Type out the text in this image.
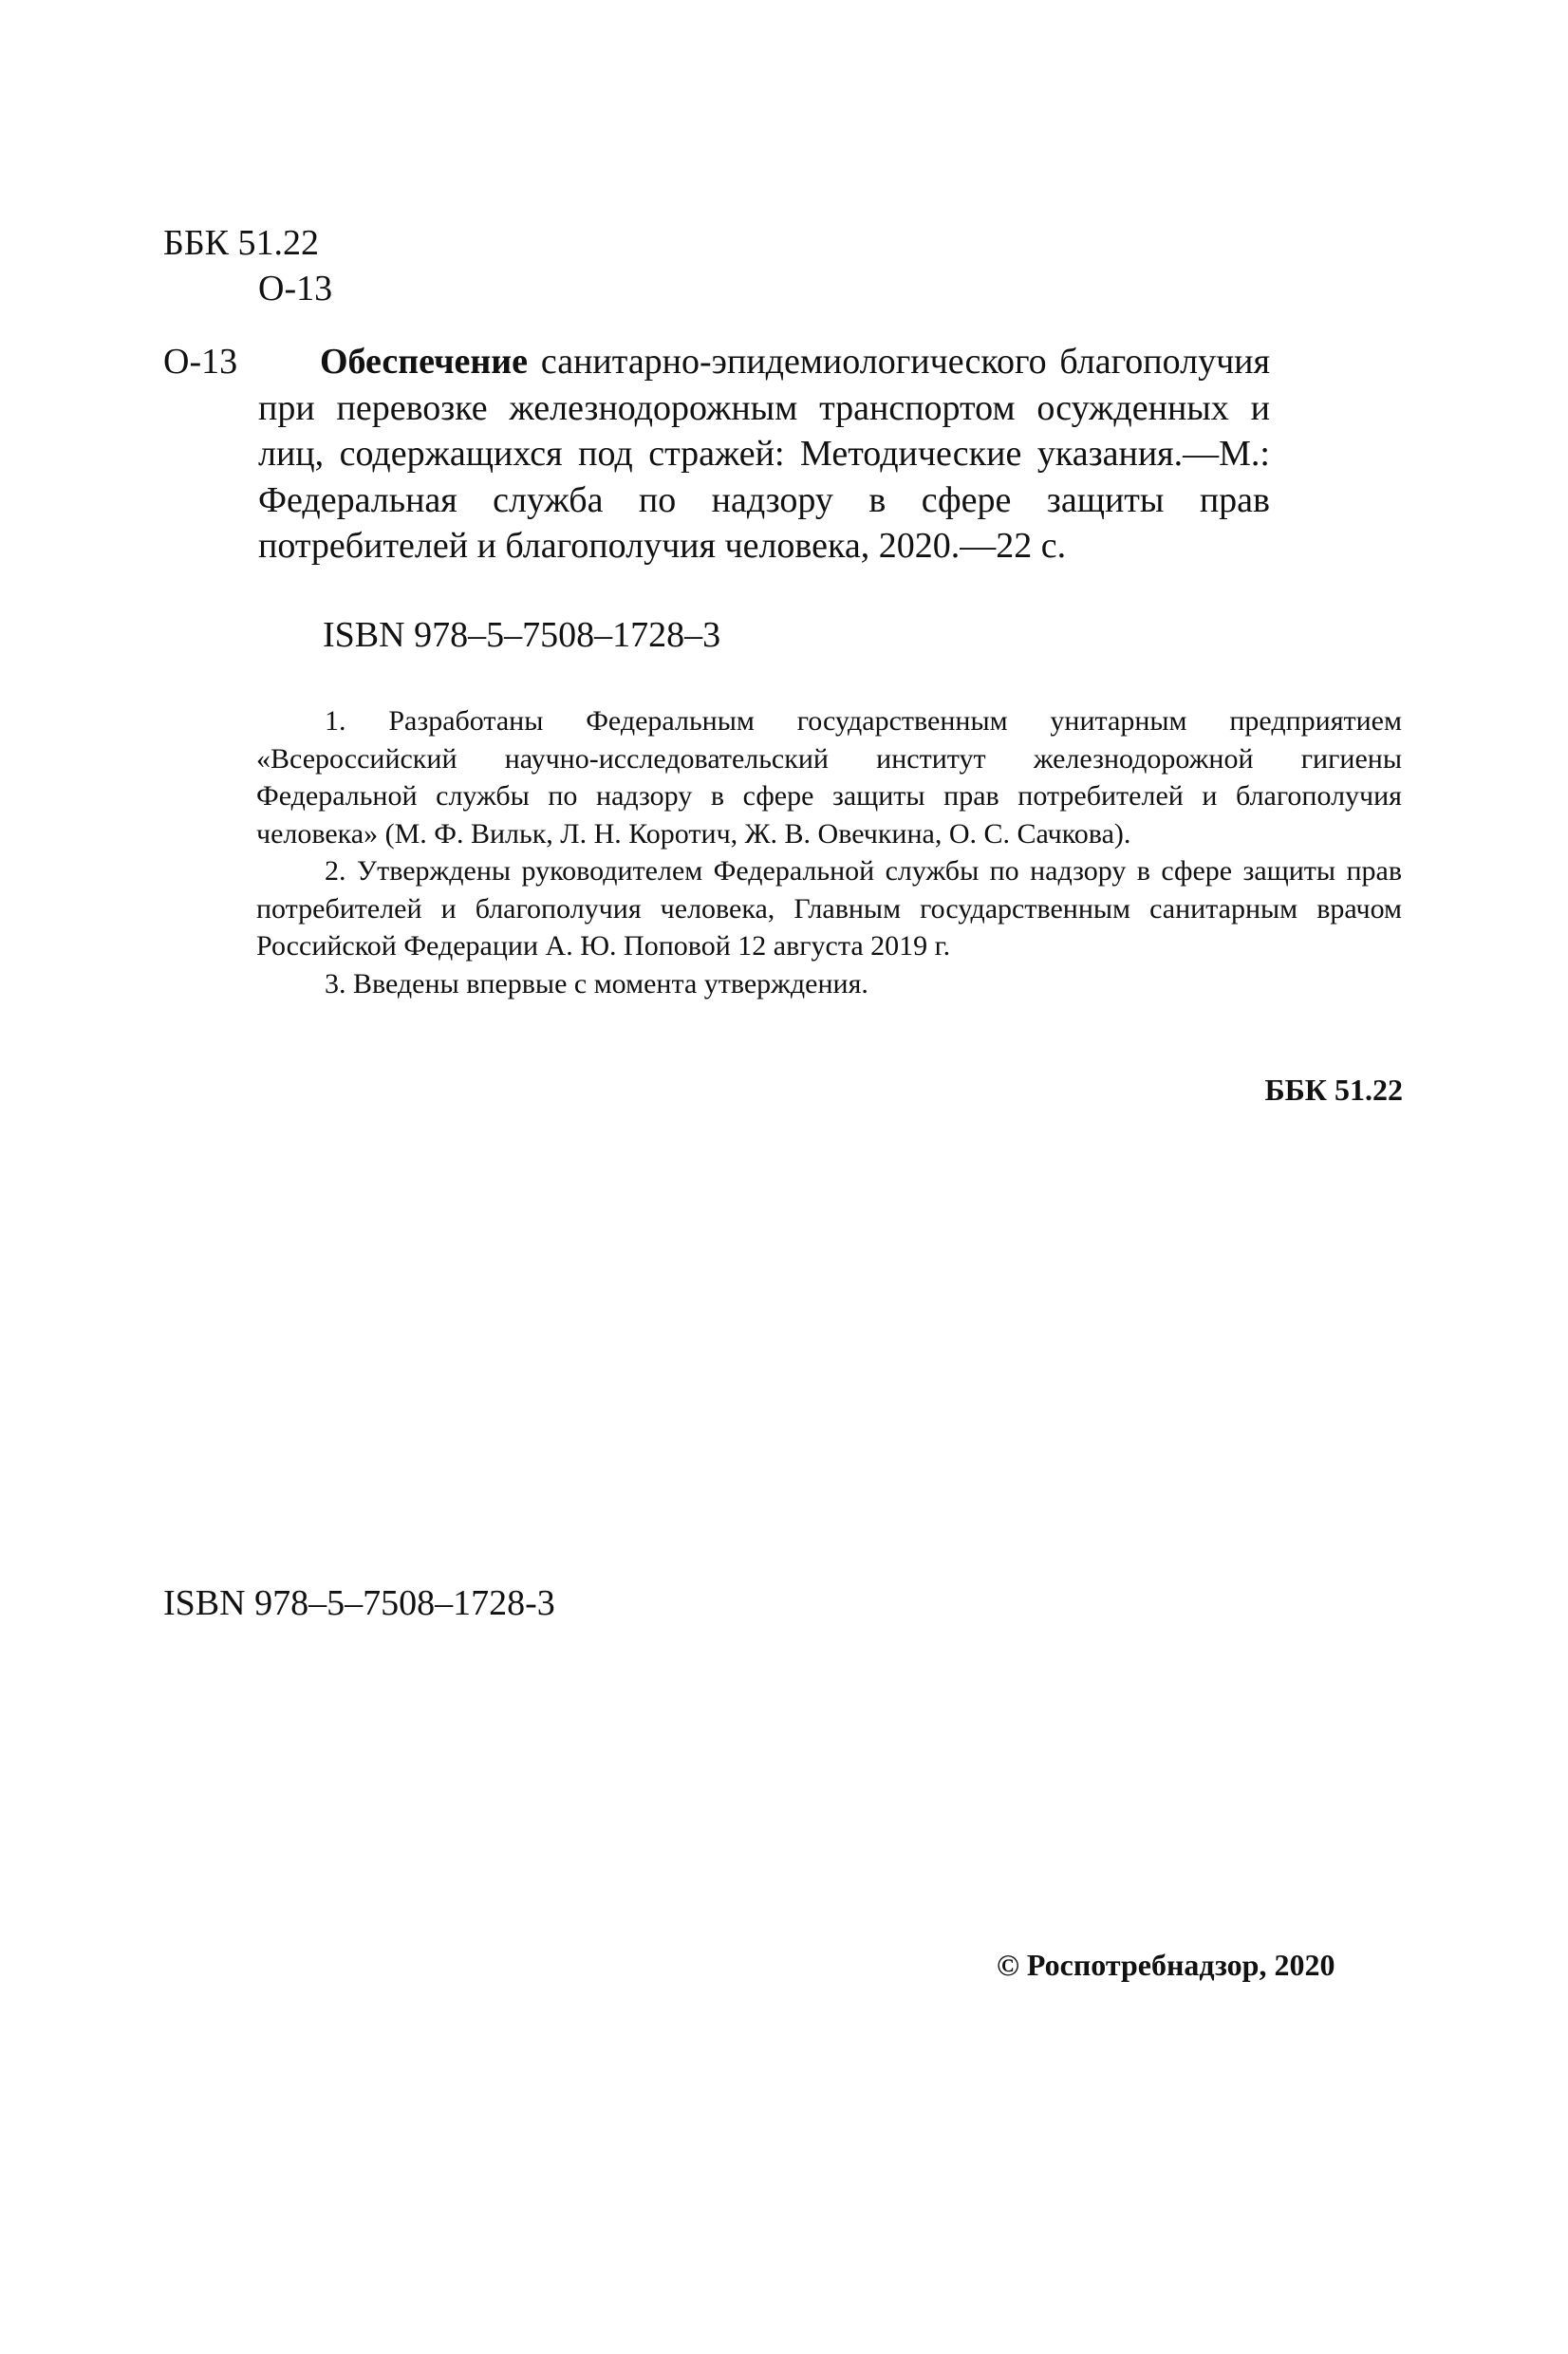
ББК 51.22
О-13
О-13	Обеспечение санитарно-эпидемиологического благополучия при перевозке железнодорожным транспортом осужденных и лиц, содержащихся под стражей: Методические указания.—М.: Федеральная служба по надзору в сфере защиты прав потребителей и благополучия человека, 2020.—22 с.
ISBN 978–5–7508–1728–3

1. Разработаны Федеральным государственным унитарным предприятием «Всероссийский научно-исследовательский институт железнодорожной гигиены Федеральной службы по надзору в сфере защиты прав потребителей и благополучия человека» (М. Ф. Вильк, Л. Н. Коротич, Ж. В. Овечкина, О. С. Сачкова).

2. Утверждены руководителем Федеральной службы по надзору в сфере защиты прав потребителей и благополучия человека, Главным государственным санитарным врачом Российской Федерации А. Ю. Поповой 12 августа 2019 г.

3. Введены впервые с момента утверждения.

ББК 51.22
ISBN 978–5–7508–1728-3
© Роспотребнадзор, 2020
